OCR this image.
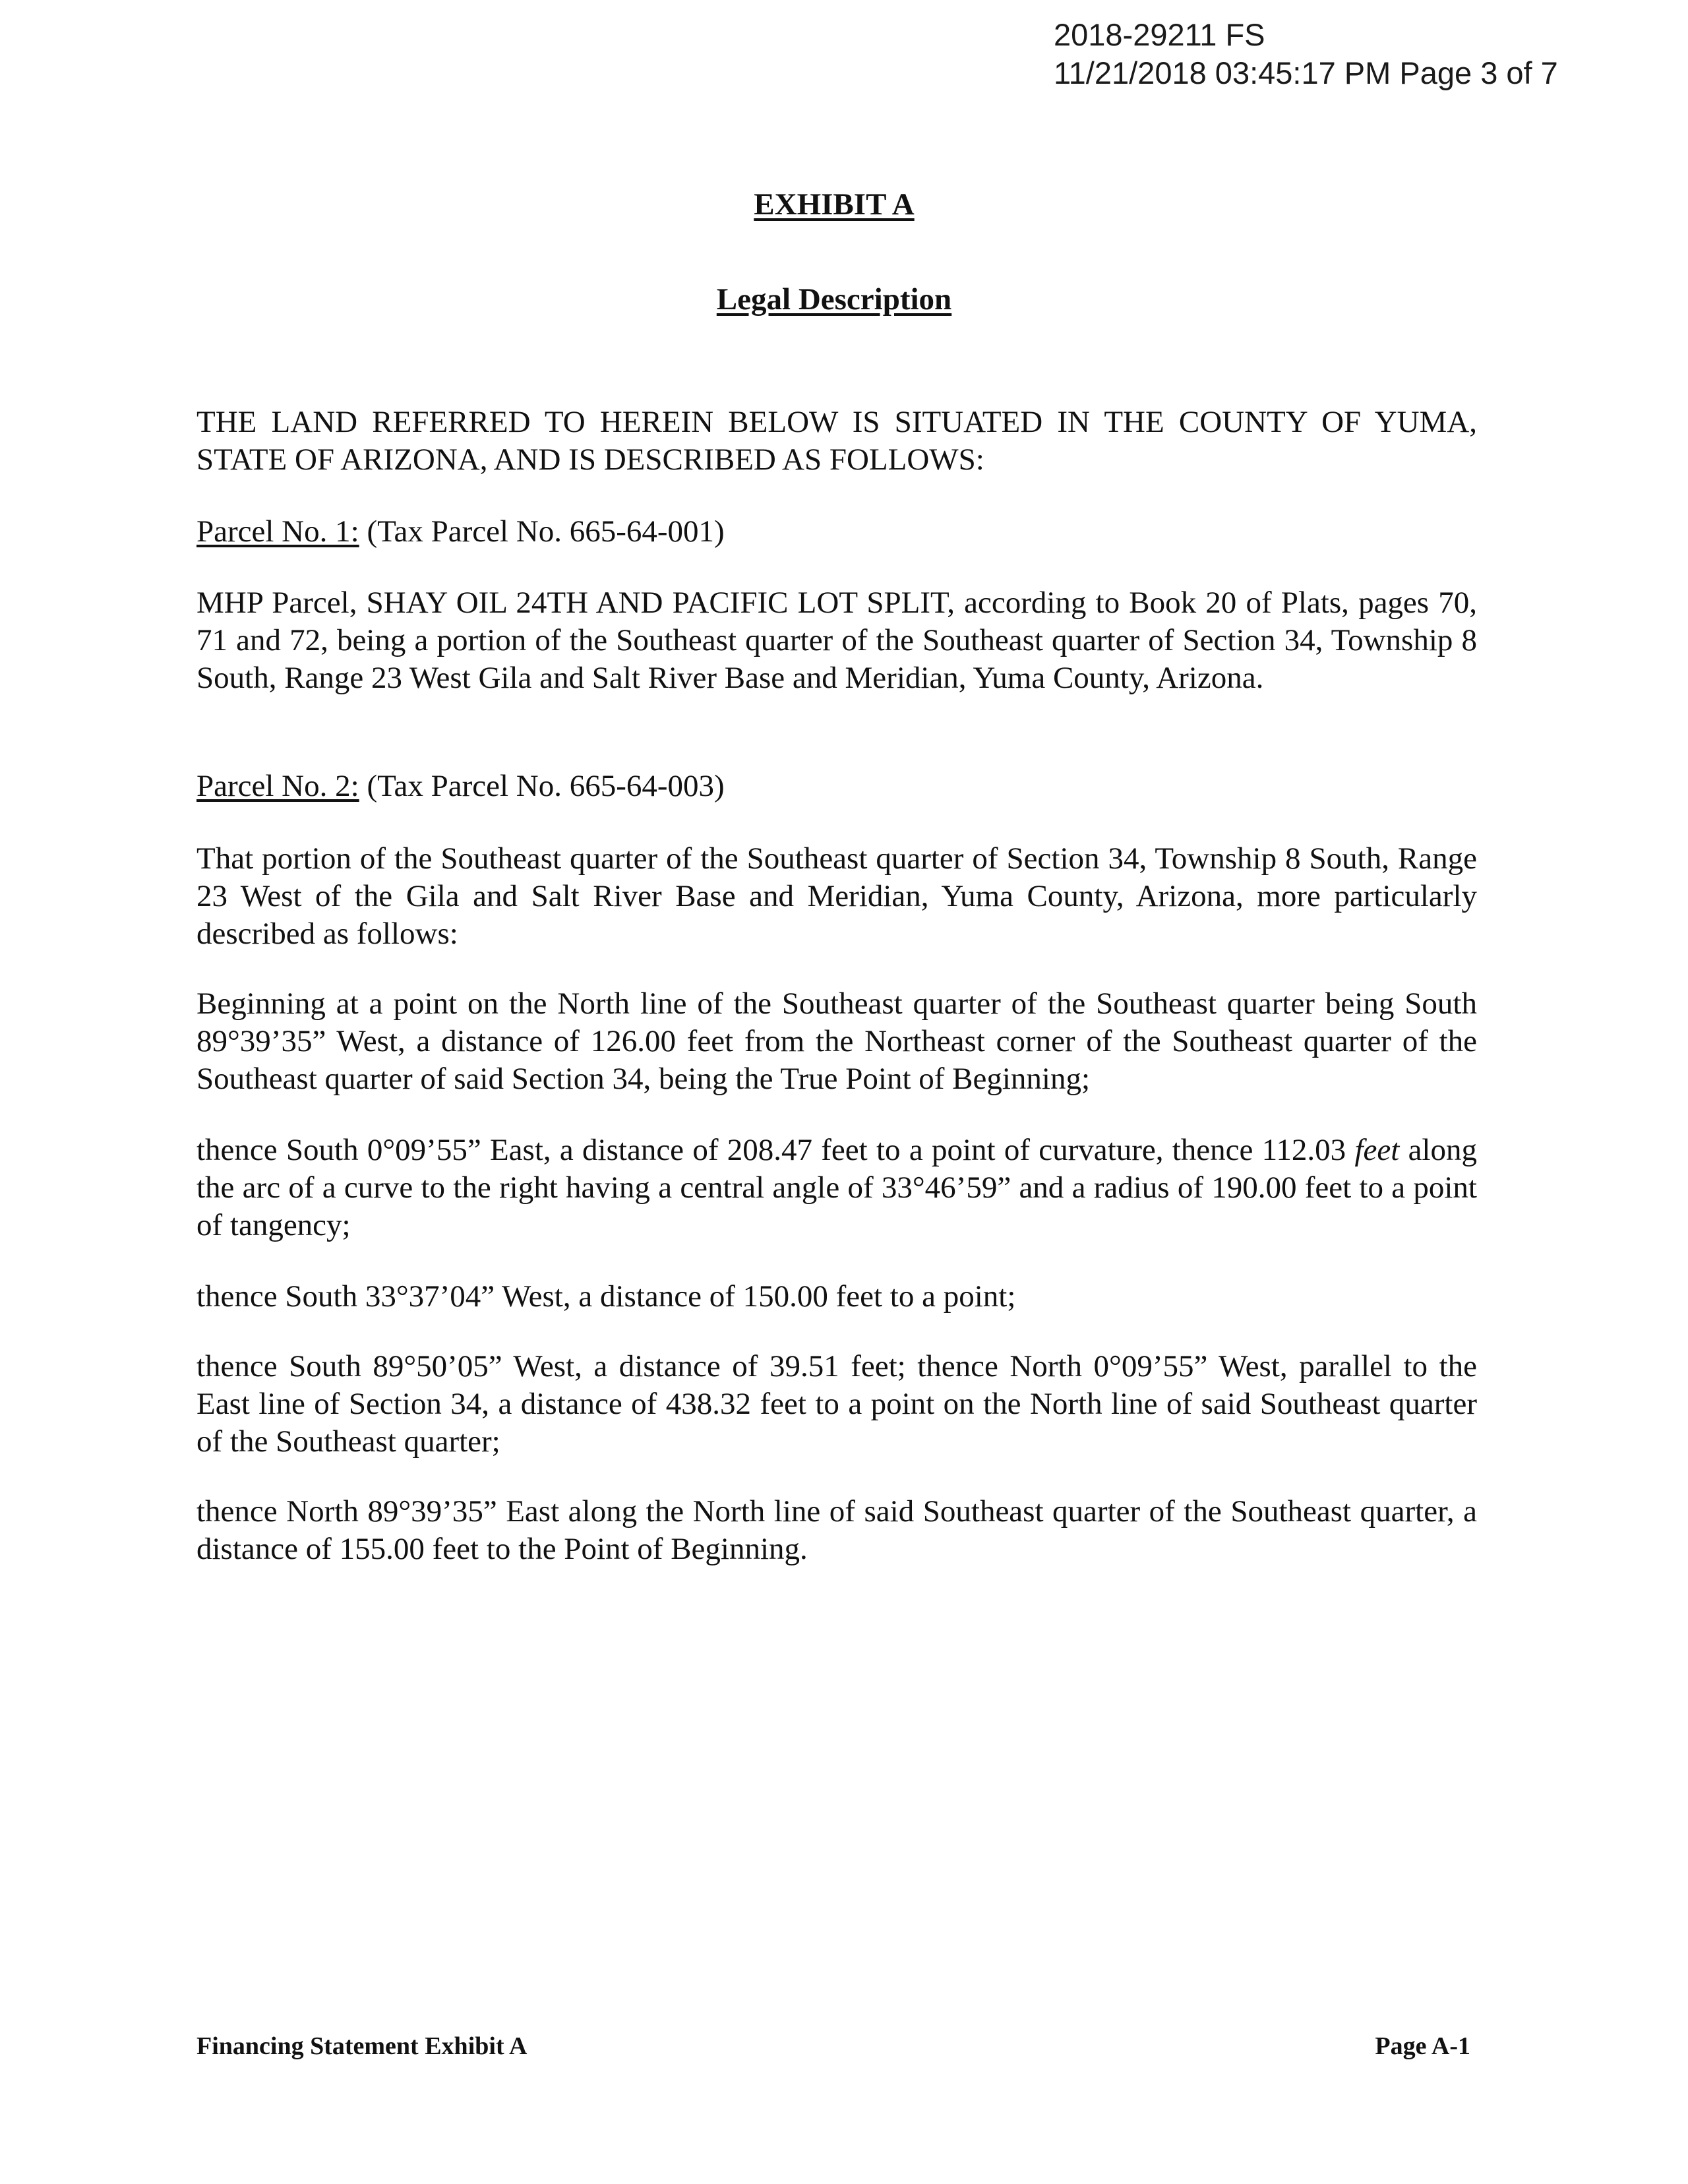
2018-29211 FS
11/21/2018 03:45:17 PM Page 3 of 7
EXHIBIT A
Legal Description

THE LAND REFERRED TO HEREIN BELOW IS SITUATED IN THE COUNTY OF YUMA, STATE OF ARIZONA, AND IS DESCRIBED AS FOLLOWS:

Parcel No. 1: (Tax Parcel No. 665-64-001)

MHP Parcel, SHAY OIL 24TH AND PACIFIC LOT SPLIT, according to Book 20 of Plats, pages 70, 71 and 72, being a portion of the Southeast quarter of the Southeast quarter of Section 34, Township 8 South, Range 23 West Gila and Salt River Base and Meridian, Yuma County, Arizona.

Parcel No. 2: (Tax Parcel No. 665-64-003)

That portion of the Southeast quarter of the Southeast quarter of Section 34, Township 8 South, Range 23 West of the Gila and Salt River Base and Meridian, Yuma County, Arizona, more particularly described as follows:

Beginning at a point on the North line of the Southeast quarter of the Southeast quarter being South 89°39’35” West, a distance of 126.00 feet from the Northeast corner of the Southeast quarter of the Southeast quarter of said Section 34, being the True Point of Beginning;

thence South 0°09’55” East, a distance of 208.47 feet to a point of curvature, thence 112.03 feet along the arc of a curve to the right having a central angle of 33°46’59” and a radius of 190.00 feet to a point of tangency;

thence South 33°37’04” West, a distance of 150.00 feet to a point;

thence South 89°50’05” West, a distance of 39.51 feet; thence North 0°09’55” West, parallel to the East line of Section 34, a distance of 438.32 feet to a point on the North line of said Southeast quarter of the Southeast quarter;

thence North 89°39’35” East along the North line of said Southeast quarter of the Southeast quarter, a distance of 155.00 feet to the Point of Beginning.

Financing Statement Exhibit A	Page A-1
